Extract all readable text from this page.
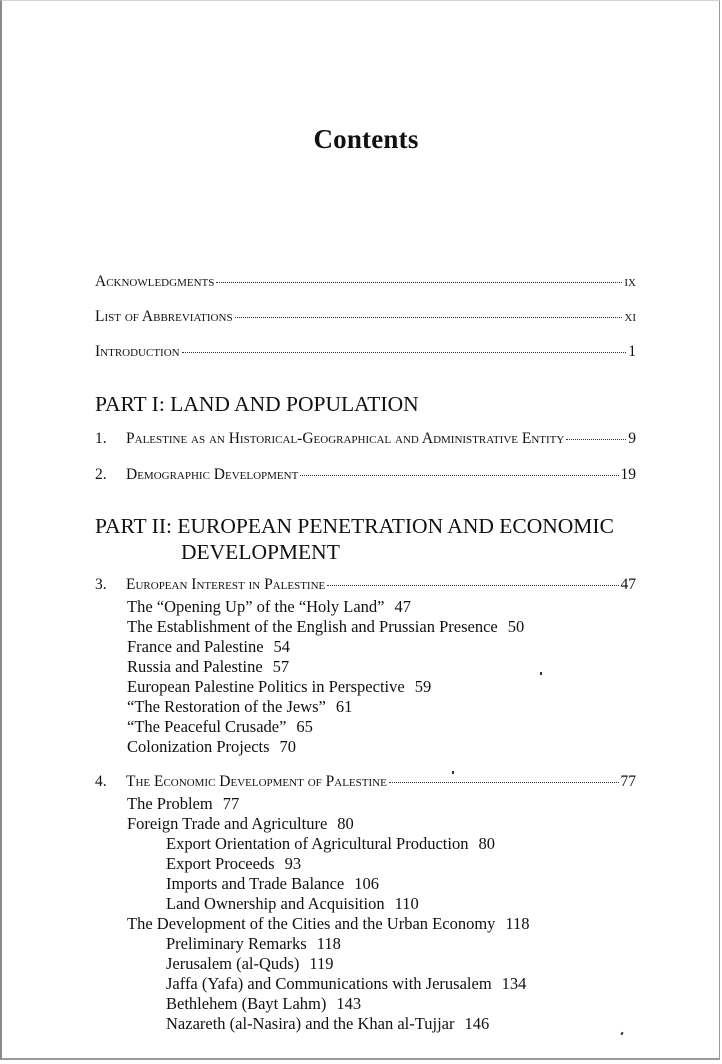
Contents
Acknowledgments	ix
List of Abbreviations	xi
Introduction	1
PART I: LAND AND POPULATION
1.	Palestine as an Historical-Geographical and Administrative Entity	9
2.	Demographic Development	19
PART II: EUROPEAN PENETRATION AND ECONOMIC
DEVELOPMENT
3.	European Interest in Palestine	47
The “Opening Up” of the “Holy Land” 47
The Establishment of the English and Prussian Presence 50
France and Palestine 54
Russia and Palestine 57
European Palestine Politics in Perspective 59
“The Restoration of the Jews” 61
“The Peaceful Crusade” 65
Colonization Projects 70
4.	The Economic Development of Palestine	77
The Problem 77
Foreign Trade and Agriculture 80
Export Orientation of Agricultural Production 80
Export Proceeds 93
Imports and Trade Balance 106
Land Ownership and Acquisition 110
The Development of the Cities and the Urban Economy 118
Preliminary Remarks 118
Jerusalem (al-Quds) 119
Jaffa (Yafa) and Communications with Jerusalem 134
Bethlehem (Bayt Lahm) 143
Nazareth (al-Nasira) and the Khan al-Tujjar 146
